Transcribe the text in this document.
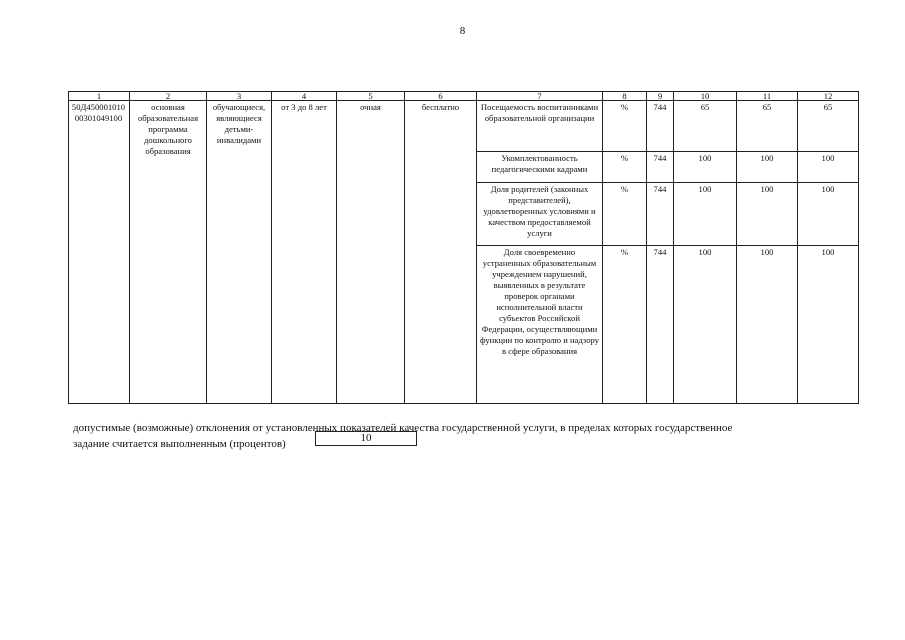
8
1	2	3	4	5	6	7	8	9	10	11	12
50Д45000101000301049100	основная образовательная программа дошкольного образования	обучающиеся, являющиеся детьми-инвалидами	от 3 до 8 лет	очная	бесплатно	Посещаемость воспитанниками образовательной организации	%	744	65	65	65
						Укомплектованность педагогическими кадрами	%	744	100	100	100
						Доля родителей (законных представителей), удовлетворенных условиями и качеством предоставляемой услуги	%	744	100	100	100
						Доля своевременно устраненных образовательным учреждением нарушений, выявленных в результате проверок органами исполнительной власти субъектов Российской Федерации, осуществляющими функции по контролю и надзору в сфере образования	%	744	100	100	100
допустимые (возможные) отклонения от установленных показателей качества государственной услуги, в пределах которых государственное
задание считается выполненным (процентов)	10
